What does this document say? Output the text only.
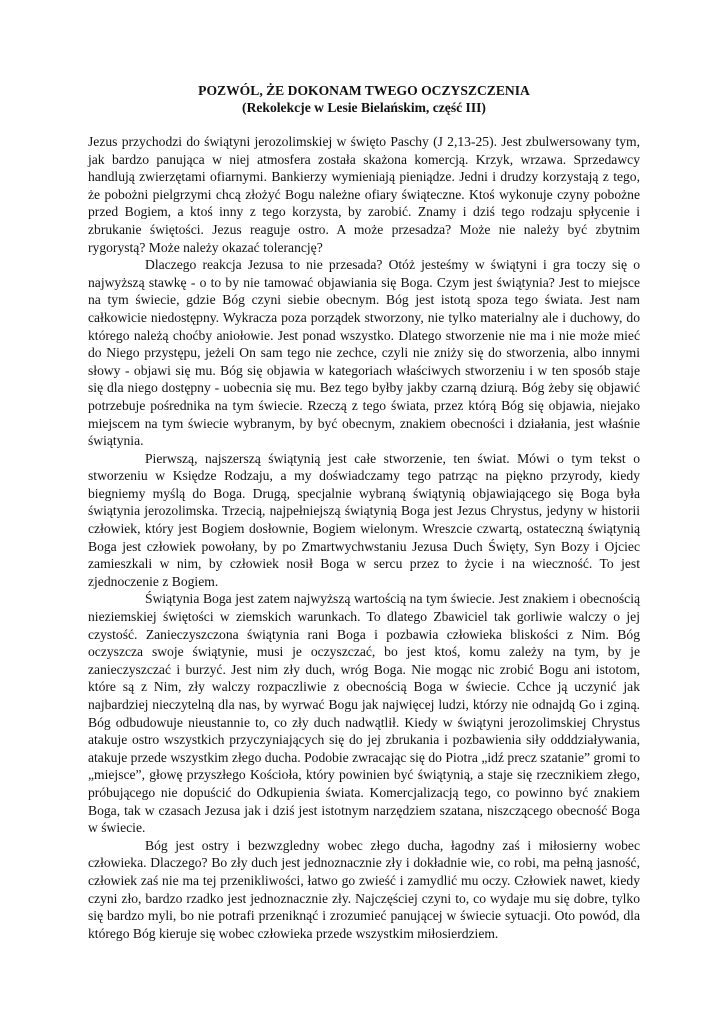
POZWÓL, ŻE DOKONAM TWEGO OCZYSZCZENIA

(Rekolekcje w Lesie Bielańskim, część III)

Jezus przychodzi do świątyni jerozolimskiej w święto Paschy (J 2,13-25). Jest zbulwersowany tym, jak bardzo panująca w niej atmosfera została skażona komercją. Krzyk, wrzawa. Sprzedawcy handlują zwierzętami ofiarnymi. Bankierzy wymieniają pieniądze. Jedni i drudzy korzystają z tego, że pobożni pielgrzymi chcą złożyć Bogu należne ofiary świąteczne. Ktoś wykonuje czyny pobożne przed Bogiem, a ktoś inny z tego korzysta, by zarobić. Znamy i dziś tego rodzaju spłycenie i zbrukanie świętości. Jezus reaguje ostro. A może przesadza? Może nie należy być zbytnim rygorystą? Może należy okazać tolerancję?

Dlaczego reakcja Jezusa to nie przesada? Otóż jesteśmy w świątyni i gra toczy się o najwyższą stawkę - o to by nie tamować objawiania się Boga. Czym jest świątynia? Jest to miejsce na tym świecie, gdzie Bóg czyni siebie obecnym. Bóg jest istotą spoza tego świata. Jest nam całkowicie niedostępny. Wykracza poza porządek stworzony, nie tylko materialny ale i duchowy, do którego należą choćby aniołowie. Jest ponad wszystko. Dlatego stworzenie nie ma i nie może mieć do Niego przystępu, jeżeli On sam tego nie zechce, czyli nie zniży się do stworzenia, albo innymi słowy - objawi się mu. Bóg się objawia w kategoriach właściwych stworzeniu i w ten sposób staje się dla niego dostępny - uobecnia się mu. Bez tego byłby jakby czarną dziurą. Bóg żeby się objawić potrzebuje pośrednika na tym świecie. Rzeczą z tego świata, przez którą Bóg się objawia, niejako miejscem na tym świecie wybranym, by być obecnym, znakiem obecności i działania, jest właśnie świątynia.

Pierwszą, najszerszą świątynią jest całe stworzenie, ten świat. Mówi o tym tekst o stworzeniu w Księdze Rodzaju, a my doświadczamy tego patrząc na piękno przyrody, kiedy biegniemy myślą do Boga. Drugą, specjalnie wybraną świątynią objawiającego się Boga była świątynia jerozolimska. Trzecią, najpełniejszą świątynią Boga jest Jezus Chrystus, jedyny w historii człowiek, który jest Bogiem dosłownie, Bogiem wielonym. Wreszcie czwartą, ostateczną świątynią Boga jest człowiek powołany, by po Zmartwychwstaniu Jezusa Duch Święty, Syn Bozy i Ojciec zamieszkali w nim, by człowiek nosił Boga w sercu przez to życie i na wieczność. To jest zjednoczenie z Bogiem.

Świątynia Boga jest zatem najwyższą wartością na tym świecie. Jest znakiem i obecnością nieziemskiej świętości w ziemskich warunkach. To dlatego Zbawiciel tak gorliwie walczy o jej czystość. Zanieczyszczona świątynia rani Boga i pozbawia człowieka bliskości z Nim. Bóg oczyszcza swoje świątynie, musi je oczyszczać, bo jest ktoś, komu zależy na tym, by je zanieczyszczać i burzyć. Jest nim zły duch, wróg Boga. Nie mogąc nic zrobić Bogu ani istotom, które są z Nim, zły walczy rozpaczliwie z obecnością Boga w świecie. Cchce ją uczynić jak najbardziej nieczytelną dla nas, by wyrwać Bogu jak najwięcej ludzi, którzy nie odnajdą Go i zginą. Bóg odbudowuje nieustannie to, co zły duch nadwątlił. Kiedy w świątyni jerozolimskiej Chrystus atakuje ostro wszystkich przyczyniających się do jej zbrukania i pozbawienia siły odddziaływania, atakuje przede wszystkim złego ducha. Podobie zwracając się do Piotra „idź precz szatanie” gromi to „miejsce”, głowę przyszłego Kościoła, który powinien być świątynią, a staje się rzecznikiem złego, próbującego nie dopuścić do Odkupienia świata. Komercjalizacją tego, co powinno być znakiem Boga, tak w czasach Jezusa jak i dziś jest istotnym narzędziem szatana, niszczącego obecność Boga w świecie.

Bóg jest ostry i bezwzgledny wobec złego ducha, łagodny zaś i miłosierny wobec człowieka. Dlaczego? Bo zły duch jest jednoznacznie zły i dokładnie wie, co robi, ma pełną jasność, człowiek zaś nie ma tej przenikliwości, łatwo go zwieść i zamydlić mu oczy. Człowiek nawet, kiedy czyni zło, bardzo rzadko jest jednoznacznie zły. Najczęściej czyni to, co wydaje mu się dobre, tylko się bardzo myli, bo nie potrafi przeniknąć i zrozumieć panującej w świecie sytuacji. Oto powód, dla którego Bóg kieruje się wobec człowieka przede wszystkim miłosierdziem.
